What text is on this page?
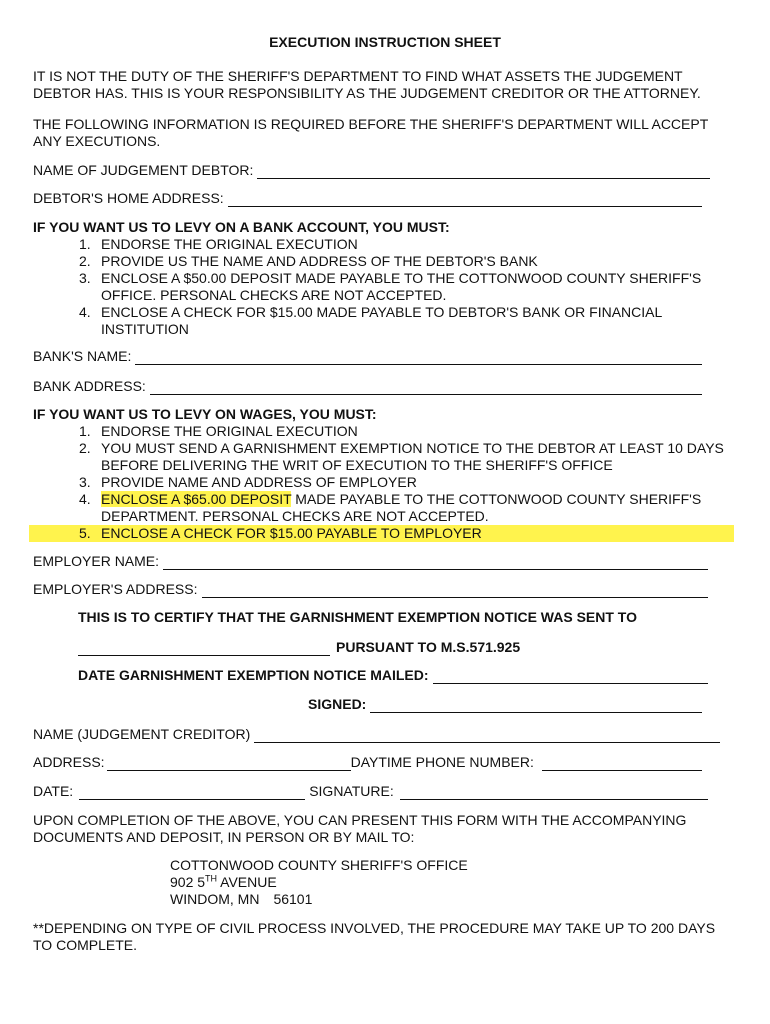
EXECUTION INSTRUCTION SHEET
IT IS NOT THE DUTY OF THE SHERIFF'S DEPARTMENT TO FIND WHAT ASSETS THE JUDGEMENT DEBTOR HAS. THIS IS YOUR RESPONSIBILITY AS THE JUDGEMENT CREDITOR OR THE ATTORNEY.
THE FOLLOWING INFORMATION IS REQUIRED BEFORE THE SHERIFF'S DEPARTMENT WILL ACCEPT ANY EXECUTIONS.
NAME OF JUDGEMENT DEBTOR:
DEBTOR'S HOME ADDRESS:
IF YOU WANT US TO LEVY ON A BANK ACCOUNT, YOU MUST:
1. ENDORSE THE ORIGINAL EXECUTION
2. PROVIDE US THE NAME AND ADDRESS OF THE DEBTOR'S BANK
3. ENCLOSE A $50.00 DEPOSIT MADE PAYABLE TO THE COTTONWOOD COUNTY SHERIFF'S OFFICE. PERSONAL CHECKS ARE NOT ACCEPTED.
4. ENCLOSE A CHECK FOR $15.00 MADE PAYABLE TO DEBTOR'S BANK OR FINANCIAL INSTITUTION
BANK'S NAME:
BANK ADDRESS:
IF YOU WANT US TO LEVY ON WAGES, YOU MUST:
1. ENDORSE THE ORIGINAL EXECUTION
2. YOU MUST SEND A GARNISHMENT EXEMPTION NOTICE TO THE DEBTOR AT LEAST 10 DAYS BEFORE DELIVERING THE WRIT OF EXECUTION TO THE SHERIFF'S OFFICE
3. PROVIDE NAME AND ADDRESS OF EMPLOYER
4. ENCLOSE A $65.00 DEPOSIT MADE PAYABLE TO THE COTTONWOOD COUNTY SHERIFF'S DEPARTMENT. PERSONAL CHECKS ARE NOT ACCEPTED.
5. ENCLOSE A CHECK FOR $15.00 PAYABLE TO EMPLOYER
EMPLOYER NAME:
EMPLOYER'S ADDRESS:
THIS IS TO CERTIFY THAT THE GARNISHMENT EXEMPTION NOTICE WAS SENT TO
PURSUANT TO M.S.571.925
DATE GARNISHMENT EXEMPTION NOTICE MAILED:
SIGNED:
NAME (JUDGEMENT CREDITOR)
ADDRESS:	DAYTIME PHONE NUMBER:
DATE:	SIGNATURE:
UPON COMPLETION OF THE ABOVE, YOU CAN PRESENT THIS FORM WITH THE ACCOMPANYING DOCUMENTS AND DEPOSIT, IN PERSON OR BY MAIL TO:
COTTONWOOD COUNTY SHERIFF'S OFFICE
902 5TH AVENUE
WINDOM, MN 56101
**DEPENDING ON TYPE OF CIVIL PROCESS INVOLVED, THE PROCEDURE MAY TAKE UP TO 200 DAYS TO COMPLETE.
